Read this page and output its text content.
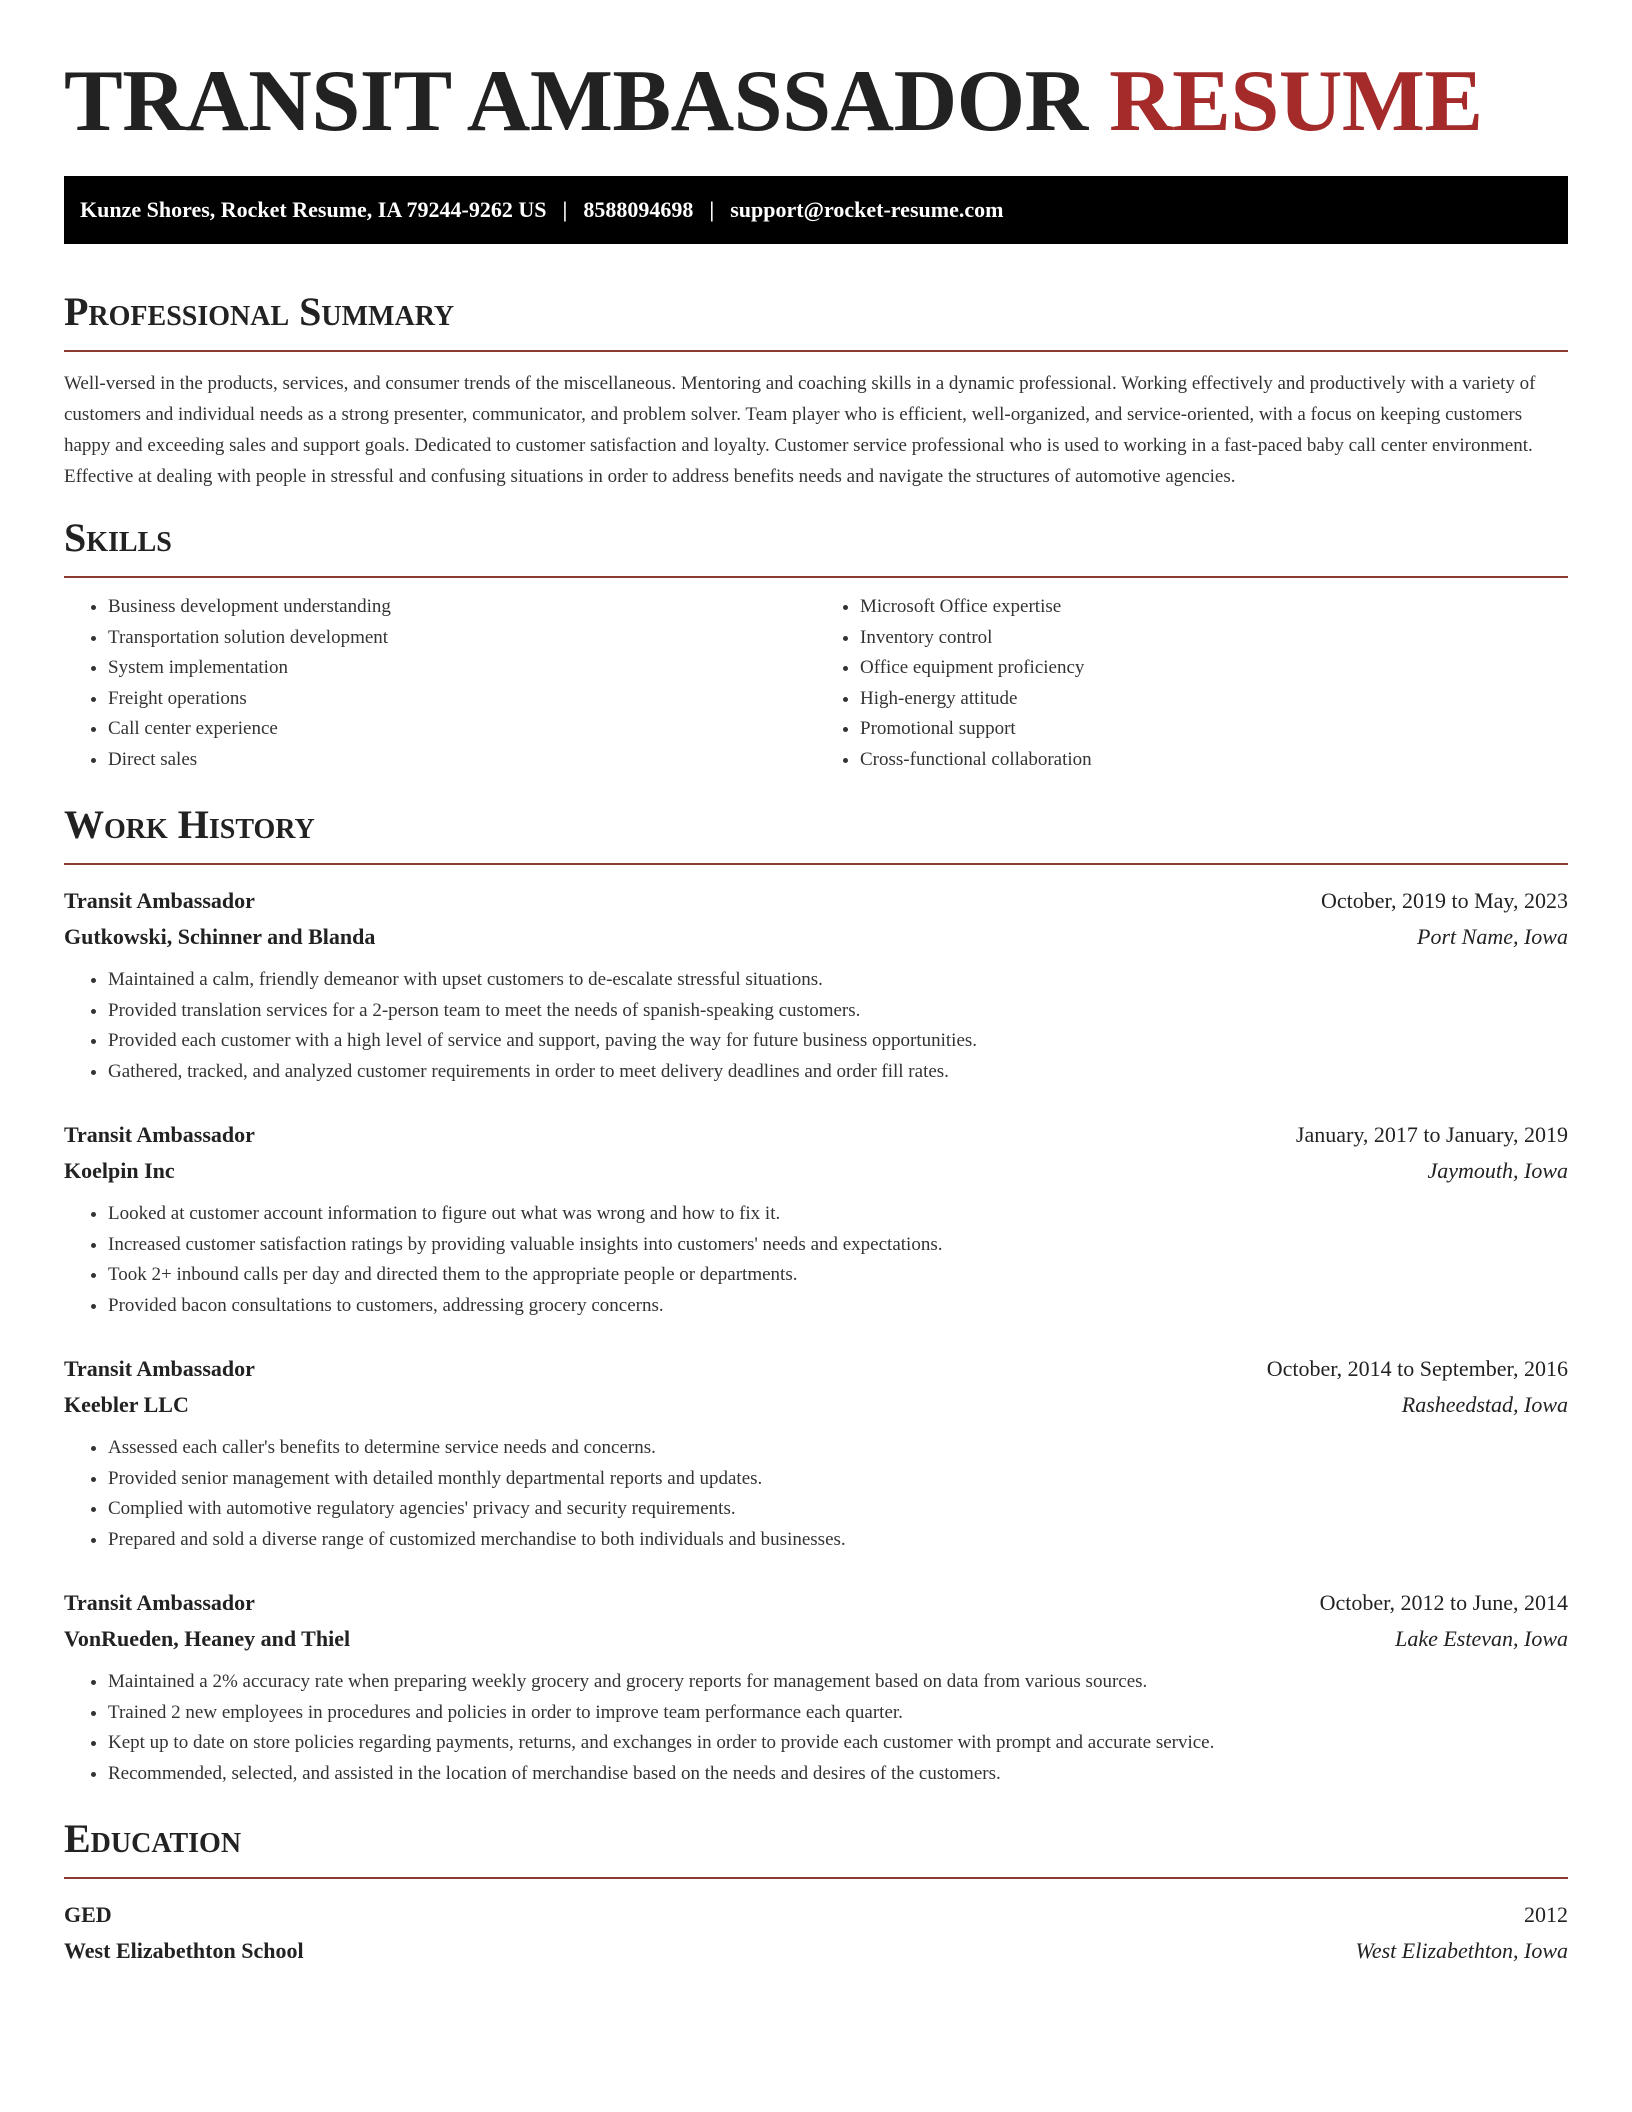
TRANSIT AMBASSADOR RESUME
Kunze Shores, Rocket Resume, IA 79244-9262 US | 8588094698 | support@rocket-resume.com
Professional Summary

Well-versed in the products, services, and consumer trends of the miscellaneous. Mentoring and coaching skills in a dynamic professional. Working effectively and productively with a variety of customers and individual needs as a strong presenter, communicator, and problem solver. Team player who is efficient, well-organized, and service-oriented, with a focus on keeping customers happy and exceeding sales and support goals. Dedicated to customer satisfaction and loyalty. Customer service professional who is used to working in a fast-paced baby call center environment. Effective at dealing with people in stressful and confusing situations in order to address benefits needs and navigate the structures of automotive agencies.

Skills
• Business development understanding
• Transportation solution development
• System implementation
• Freight operations
• Call center experience
• Direct sales
• Microsoft Office expertise
• Inventory control
• Office equipment proficiency
• High-energy attitude
• Promotional support
• Cross-functional collaboration
Work History
Transit Ambassador	October, 2019 to May, 2023
Gutkowski, Schinner and Blanda	Port Name, Iowa
• Maintained a calm, friendly demeanor with upset customers to de-escalate stressful situations.
• Provided translation services for a 2-person team to meet the needs of spanish-speaking customers.
• Provided each customer with a high level of service and support, paving the way for future business opportunities.
• Gathered, tracked, and analyzed customer requirements in order to meet delivery deadlines and order fill rates.
Transit Ambassador	January, 2017 to January, 2019
Koelpin Inc	Jaymouth, Iowa
• Looked at customer account information to figure out what was wrong and how to fix it.
• Increased customer satisfaction ratings by providing valuable insights into customers' needs and expectations.
• Took 2+ inbound calls per day and directed them to the appropriate people or departments.
• Provided bacon consultations to customers, addressing grocery concerns.
Transit Ambassador	October, 2014 to September, 2016
Keebler LLC	Rasheedstad, Iowa
• Assessed each caller's benefits to determine service needs and concerns.
• Provided senior management with detailed monthly departmental reports and updates.
• Complied with automotive regulatory agencies' privacy and security requirements.
• Prepared and sold a diverse range of customized merchandise to both individuals and businesses.
Transit Ambassador	October, 2012 to June, 2014
VonRueden, Heaney and Thiel	Lake Estevan, Iowa
• Maintained a 2% accuracy rate when preparing weekly grocery and grocery reports for management based on data from various sources.
• Trained 2 new employees in procedures and policies in order to improve team performance each quarter.
• Kept up to date on store policies regarding payments, returns, and exchanges in order to provide each customer with prompt and accurate service.
• Recommended, selected, and assisted in the location of merchandise based on the needs and desires of the customers.
Education
GED	2012
West Elizabethton School	West Elizabethton, Iowa
